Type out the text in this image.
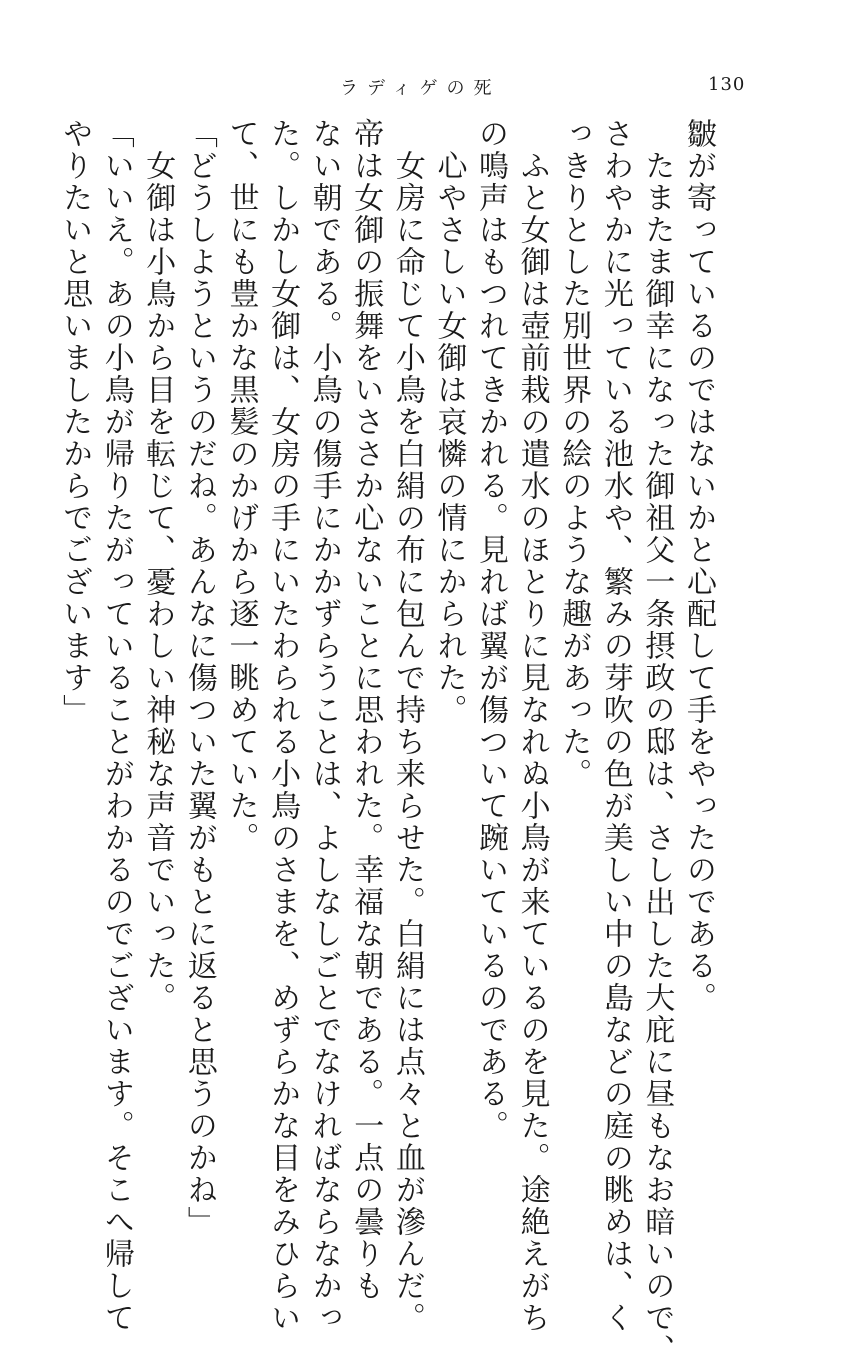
ラディゲの死	130

皺が寄っているのではないかと心配して手をやったのである。

　たまたま御幸になった御祖父一条摂政の邸は、さし出した大庇に昼もなお暗いので、

さわやかに光っている池水や、繁みの芽吹の色が美しい中の島などの庭の眺めは、く

っきりとした別世界の絵のような趣があった。

　ふと女御は壺前栽の遣水のほとりに見なれぬ小鳥が来ているのを見た。途絶えがち

の鳴声はもつれてきかれる。見れば翼が傷ついて踠いているのである。

　心やさしい女御は哀憐の情にかられた。

　女房に命じて小鳥を白絹の布に包んで持ち来らせた。白絹には点々と血が滲んだ。

帝は女御の振舞をいささか心ないことに思われた。幸福な朝である。一点の曇りも

ない朝である。小鳥の傷手にかかずらうことは、よしなしごとでなければならなかっ

た。しかし女御は、女房の手にいたわられる小鳥のさまを、めずらかな目をみひらい

て、世にも豊かな黒髪のかげから逐一眺めていた。

「どうしようというのだね。あんなに傷ついた翼がもとに返ると思うのかね」

　女御は小鳥から目を転じて、憂わしい神秘な声音でいった。

「いいえ。あの小鳥が帰りたがっていることがわかるのでございます。そこへ帰して

やりたいと思いましたからでございます」
